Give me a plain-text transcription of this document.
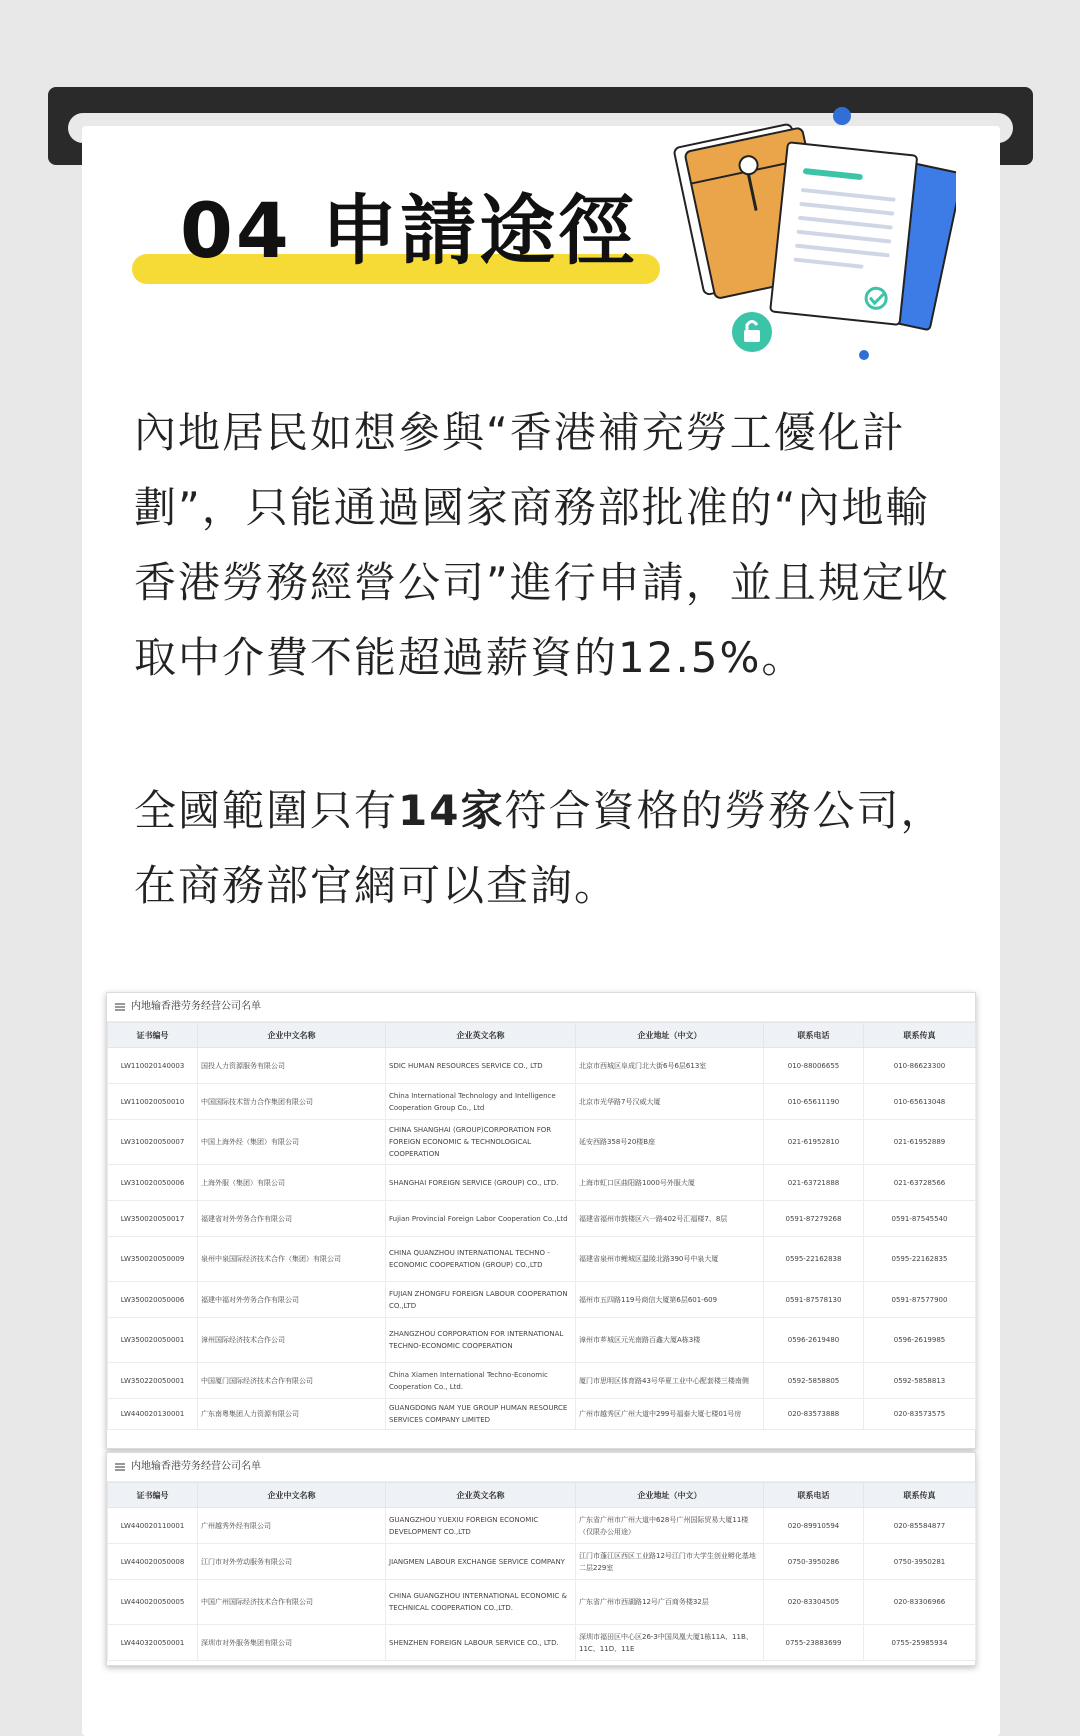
04 申請途徑
內地居民如想參與“香港補充勞工優化計劃”，只能通過國家商務部批准的“內地輸香港勞務經營公司”進行申請，並且規定收取中介費不能超過薪資的12.5%。
全國範圍只有14家符合資格的勞務公司，在商務部官網可以查詢。
内地输香港劳务经营公司名单
证书编号	企业中文名称	企业英文名称	企业地址（中文）	联系电话	联系传真
LW110020140003	国投人力资源服务有限公司	SDIC HUMAN RESOURCES SERVICE CO., LTD	北京市西城区阜成门北大街6号6层613室	010-88006655	010-86623300
LW110020050010	中国国际技术智力合作集团有限公司	China International Technology and Intelligence Cooperation Group Co., Ltd	北京市光华路7号汉威大厦	010-65611190	010-65613048
LW310020050007	中国上海外经（集团）有限公司	CHINA SHANGHAI (GROUP)CORPORATION FOR FOREIGN ECONOMIC & TECHNOLOGICAL COOPERATION	延安西路358号20楼B座	021-61952810	021-61952889
LW310020050006	上海外服（集团）有限公司	SHANGHAI FOREIGN SERVICE (GROUP) CO., LTD.	上海市虹口区曲阳路1000号外服大厦	021-63721888	021-63728566
LW350020050017	福建省对外劳务合作有限公司	Fujian Provincial Foreign Labor Cooperation Co.,Ltd	福建省福州市鼓楼区六一路402号汇福楼7、8层	0591-87279268	0591-87545540
LW350020050009	泉州中泉国际经济技术合作（集团）有限公司	CHINA QUANZHOU INTERNATIONAL TECHNO - ECONOMIC COOPERATION (GROUP) CO.,LTD	福建省泉州市鲤城区温陵北路390号中泉大厦	0595-22162838	0595-22162835
LW350020050006	福建中福对外劳务合作有限公司	FUJIAN ZHONGFU FOREIGN LABOUR COOPERATION CO.,LTD	福州市五四路119号商信大厦第6层601-609	0591-87578130	0591-87577900
LW350020050001	漳州国际经济技术合作公司	ZHANGZHOU CORPORATION FOR INTERNATIONAL TECHNO-ECONOMIC COOPERATION	漳州市芗城区元光南路百鑫大厦A栋3楼	0596-2619480	0596-2619985
LW350220050001	中国厦门国际经济技术合作有限公司	China Xiamen International Techno-Economic Cooperation Co., Ltd.	厦门市思明区体育路43号华夏工业中心配套楼三楼南侧	0592-5858805	0592-5858813
LW440020130001	广东南粤集团人力资源有限公司	GUANGDONG NAM YUE GROUP HUMAN RESOURCE SERVICES COMPANY LIMITED	广州市越秀区广州大道中299号福泰大厦七楼01号房	020-83573888	020-83573575
内地输香港劳务经营公司名单
证书编号	企业中文名称	企业英文名称	企业地址（中文）	联系电话	联系传真
LW440020110001	广州越秀外经有限公司	GUANGZHOU YUEXIU FOREIGN ECONOMIC DEVELOPMENT CO.,LTD	广东省广州市广州大道中628号广州国际贸易大厦11楼（仅限办公用途）	020-89910594	020-85584877
LW440020050008	江门市对外劳动服务有限公司	JIANGMEN LABOUR EXCHANGE SERVICE COMPANY	江门市蓬江区西区工业路12号江门市大学生创业孵化基地二层229室	0750-3950286	0750-3950281
LW440020050005	中国广州国际经济技术合作有限公司	CHINA GUANGZHOU INTERNATIONAL ECONOMIC & TECHNICAL COOPERATION CO.,LTD.	广东省广州市西湖路12号广百商务楼32层	020-83304505	020-83306966
LW440320050001	深圳市对外服务集团有限公司	SHENZHEN FOREIGN LABOUR SERVICE CO., LTD.	深圳市福田区中心区26-3中国凤凰大厦1栋11A、11B、11C、11D、11E	0755-23883699	0755-25985934
